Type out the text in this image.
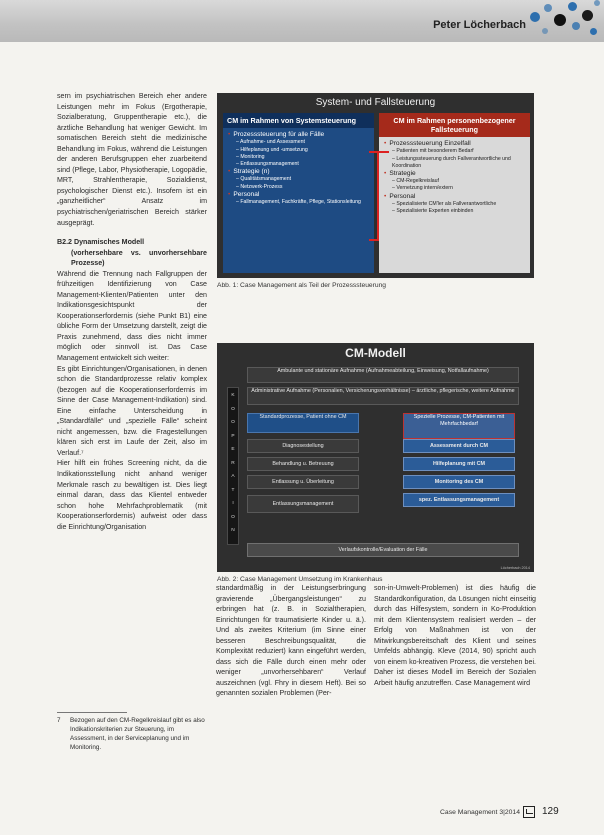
Peter Löcherbach

sern im psychiatrischen Bereich eher andere Leistungen mehr im Fokus (Ergotherapie, Sozialberatung, Gruppentherapie etc.), die ärztliche Behandlung hat weniger Gewicht. Im somatischen Bereich steht die medizinische Behandlung im Fokus, während die Leistungen der anderen Berufsgruppen eher zuarbeitend sind (Pflege, Labor, Physiotherapie, Logopädie, MRT, Strahlentherapie, Sozialdienst, psychologischer Dienst etc.). Insofern ist ein „ganzheitlicher“ Ansatz im psychiatrischen/geriatrischen Bereich stärker ausgeprägt.

B2.2 Dynamisches Modell
(vorhersehbare vs. unvorhersehbare Prozesse)

Während die Trennung nach Fallgruppen der frühzeitigen Identifizierung von Case Management-Klienten/Patienten unter den Indikationsgesichtspunkt der Kooperationserfordernis (siehe Punkt B1) eine übliche Form der Umsetzung darstellt, zeigt die Praxis zunehmend, dass dies nicht immer möglich oder sinnvoll ist. Das Case Management entwickelt sich weiter:

Es gibt Einrichtungen/Organisationen, in denen schon die Standardprozesse relativ komplex (bezogen auf die Kooperationserfordernis im Sinne der Case Management-Indikation) sind. Eine einfache Unterscheidung in „Standardfälle“ und „spezielle Fälle“ scheint nicht angemessen, bzw. die Fragestellungen klären sich erst im Laufe der Zeit, also im Verlauf.⁷

Hier hilft ein frühes Screening nicht, da die Indikationsstellung nicht anhand weniger Merkmale rasch zu bewältigen ist. Dies liegt einmal daran, dass das Klientel entweder schon hohe Mehrfachproblematik (mit Kooperationserfordernis) aufweist oder dass die Einrichtung/Organisation

7	Bezogen auf den CM-Regelkreislauf gibt es also Indikationskriterien zur Steuerung, im Assessment, in der Serviceplanung und im Monitoring.
System- und Fallsteuerung
CM im Rahmen von Systemsteuerung
• Prozesssteuerung für alle Fälle
– Aufnahme- und Assessment
– Hilfeplanung und -umsetzung
– Monitoring
– Entlassungsmanagement
• Strategie (n)
– Qualitätsmanagement
– Netzwerk-Prozess
• Personal
– Fallmanagement, Fachkräfte, Pflege, Stationsleitung
CM im Rahmen personenbezogener Fallsteuerung
• Prozesssteuerung Einzelfall
– Patienten mit besonderem Bedarf
– Leistungssteuerung durch Fallverantwortliche und Koordination
• Strategie
– CM-Regelkreislauf
– Vernetzung intern/extern
• Personal
– Spezialisierte CM'ler als Fallverantwortliche
– Spezialisierte Experten einbinden
Abb. 1: Case Management als Teil der Prozesssteuerung
CM-Modell
Ambulante und stationäre Aufnahme (Aufnahmeabteilung, Einweisung, Notfallaufnahme)
Administrative Aufnahme (Personalien, Versicherungsverhältnisse) – ärztliche, pflegerische, weitere Aufnahme
K
O
O
P
E
R
A
T
I
O
N
Standardprozesse, Patient ohne CM
Diagnosestellung
Behandlung u. Betreuung
Entlassung u. Überleitung
Entlassungsmanagement
Spezielle Prozesse, CM-Patienten mit Mehrfachbedarf
Assessment durch CM
Hilfeplanung mit CM
Monitoring des CM
spez. Entlassungsmanagement
Verlaufskontrolle/Evaluation der Fälle
Löcherbach 2014
Abb. 2: Case Management Umsetzung im Krankenhaus
standardmäßig in der Leistungserbringung gravierende „Übergangsleistungen“ zu erbringen hat (z. B. in Sozialtherapien, Einrichtungen für traumatisierte Kinder u. ä.). Und als zweites Kriterium (im Sinne einer besseren Beschreibungsqualität, die Komplexität reduziert) kann eingeführt werden, dass sich die Fälle durch einen mehr oder weniger „unvorhersehbaren“ Verlauf auszeichnen (vgl. Fhry in diesem Heft). Bei so genannten sozialen Problemen (Per-
son-in-Umwelt-Problemen) ist dies häufig die Standardkonfiguration, da Lösungen nicht einseitig durch das Hilfesystem, sondern in Ko-Produktion mit dem Klientensystem realisiert werden – der Erfolg von Maßnahmen ist von der Mitwirkungsbereitschaft des Klient und seines Umfelds abhängig. Kleve (2014, 90) spricht auch von einem ko-kreativen Prozess, die verstehen bei. Daher ist dieses Modell im Bereich der Sozialen Arbeit häufig anzutreffen. Case Management wird
Case Management 3|2014 129
